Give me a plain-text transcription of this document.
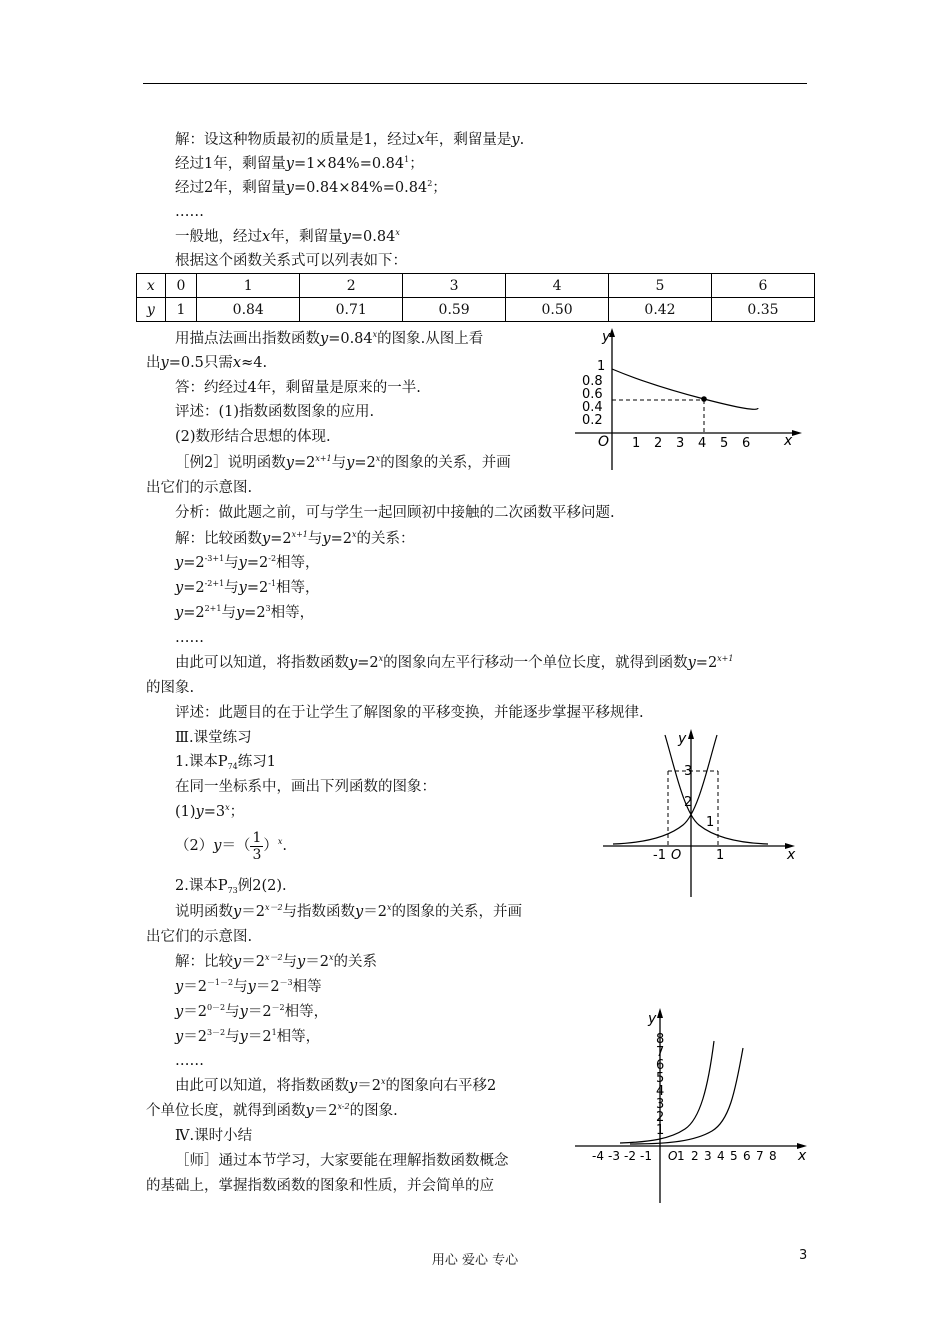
解：设这种物质最初的质量是1，经过x年，剩留量是y.
经过1年，剩留量$y=1\times 84\%=0.84^1$；
经过2年，剩留量$y=0.84\times 84\%=0.84^2$；
……
一般地，经过x年，剩留量$y=0.84^x$
根据这个函数关系式可以列表如下：
x	0	1	2	3	4	5	6
y	1	0.84	0.71	0.59	0.50	0.42	0.35
用描点法画出指数函数$y=0.84^x$的图象.从图上看
出y=0.5只需x≈4.
答：约经过4年，剩留量是原来的一半.
评述：(1)指数函数图象的应用.
(2)数形结合思想的体现.
［例2］说明函数$y=2^{x+1}$与$y=2^x$的图象的关系，并画
出它们的示意图.
分析：做此题之前，可与学生一起回顾初中接触的二次函数平移问题.
解：比较函数$y=2^{x+1}$与$y=2^x$的关系：
$y=2^{-3+1}$与$y=2^{-2}$相等，
$y=2^{-2+1}$与$y=2^{-1}$相等，
$y=2^{2+1}$与$y=2^3$相等，
……
由此可以知道，将指数函数$y=2^x$的图象向左平行移动一个单位长度，就得到函数$y=2^{x+1}$
的图象.
评述：此题目的在于让学生了解图象的平移变换，并能逐步掌握平移规律.
Ⅲ.课堂练习
1.课本$P_{74}$练习1
在同一坐标系中，画出下列函数的图象：
$(1)y=3^x$；
$(2)y=( \frac{1}{3} )^x$.
2.课本$P_{73}$例2(2).
说明函数$y=2^{x-2}$与指数函数$y=2^x$的图象的关系，并画
出它们的示意图.
解：比较$y=2^{x-2}$与$y=2^x$的关系
$y=2^{-1-2}$与$y=2^{-3}$相等
$y=2^{0-2}$与$y=2^{-2}$相等，
$y=2^{3-2}$与$y=2^1$相等，
……
由此可以知道，将指数函数$y=2^x$的图象向右平移2
个单位长度，就得到函数$y=2^{x-2}$的图象.
Ⅳ.课时小结
［师］通过本节学习，大家要能在理解指数函数概念
的基础上，掌握指数函数的图象和性质，并会简单的应
y
x
O
1
0.8
0.6
0.4
0.2
1 2 3 4 5 6
y
x
3
2
1
-1 O	1
y
x
8
7
6
5
4
3
2
1
-4 -3 -2 -1 O 1 2 3 4 5 6 7 8
用心 爱心 专心	3
